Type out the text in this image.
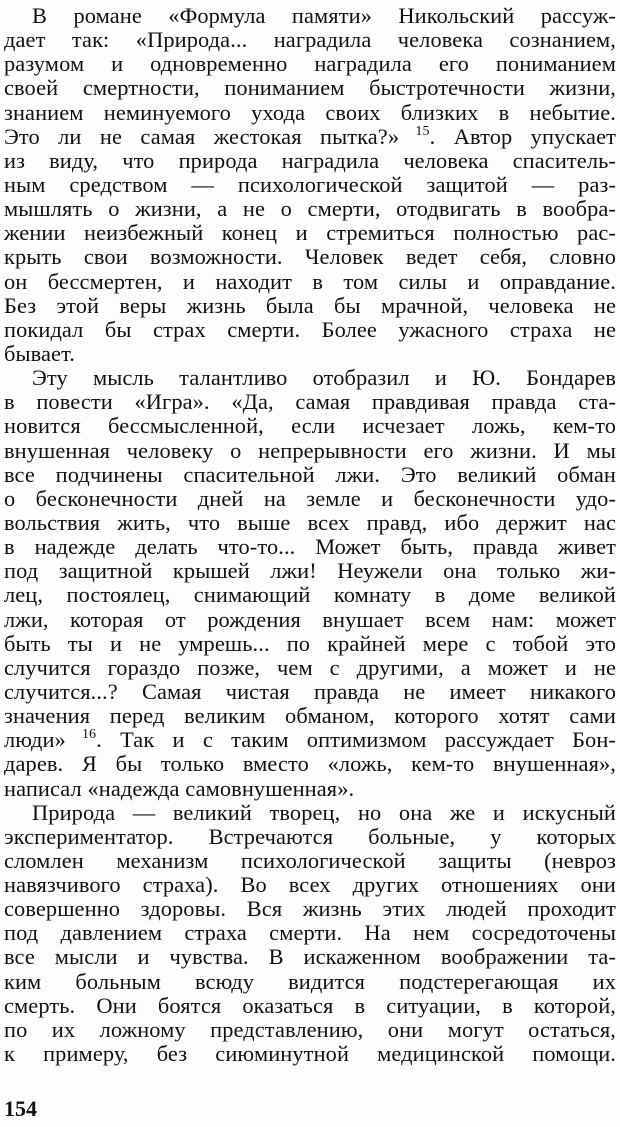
В романе «Формула памяти» Никольский рассуж-
дает так: «Природа... наградила человека сознанием,
разумом и одновременно наградила его пониманием
своей смертности, пониманием быстротечности жизни,
знанием неминуемого ухода своих близких в небытие.
Это ли не самая жестокая пытка?» $^{15}$. Автор упускает
из виду, что природа наградила человека спаситель-
ным средством — психологической защитой — раз-
мышлять о жизни, а не о смерти, отодвигать в вообра-
жении неизбежный конец и стремиться полностью рас-
крыть свои возможности. Человек ведет себя, словно
он бессмертен, и находит в том силы и оправдание.
Без этой веры жизнь была бы мрачной, человека не
покидал бы страх смерти. Более ужасного страха не
бывает.
Эту мысль талантливо отобразил и Ю. Бондарев
в повести «Игра». «Да, самая правдивая правда ста-
новится бессмысленной, если исчезает ложь, кем-то
внушенная человеку о непрерывности его жизни. И мы
все подчинены спасительной лжи. Это великий обман
о бесконечности дней на земле и бесконечности удо-
вольствия жить, что выше всех правд, ибо держит нас
в надежде делать что-то... Может быть, правда живет
под защитной крышей лжи! Неужели она только жи-
лец, постоялец, снимающий комнату в доме великой
лжи, которая от рождения внушает всем нам: может
быть ты и не умрешь... по крайней мере с тобой это
случится гораздо позже, чем с другими, а может и не
случится...? Самая чистая правда не имеет никакого
значения перед великим обманом, которого хотят сами
люди» $^{16}$. Так и с таким оптимизмом рассуждает Бон-
дарев. Я бы только вместо «ложь, кем-то внушенная»,
написал «надежда самовнушенная».
Природа — великий творец, но она же и искусный
экспериментатор. Встречаются больные, у которых
сломлен механизм психологической защиты (невроз
навязчивого страха). Во всех других отношениях они
совершенно здоровы. Вся жизнь этих людей проходит
под давлением страха смерти. На нем сосредоточены
все мысли и чувства. В искаженном воображении та-
ким больным всюду видится подстерегающая их
смерть. Они боятся оказаться в ситуации, в которой,
по их ложному представлению, они могут остаться,
к примеру, без сиюминутной медицинской помощи.
154
